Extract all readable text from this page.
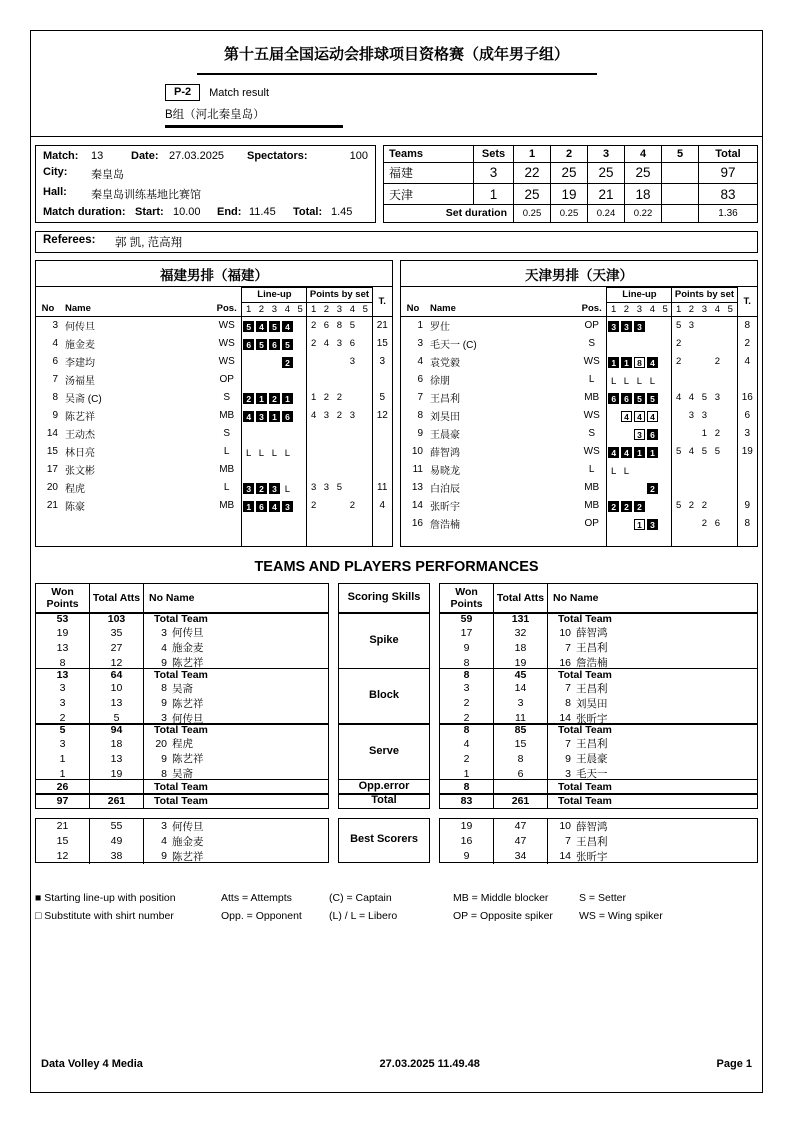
第十五届全国运动会排球项目资格赛（成年男子组）
P-2	Match result
B组（河北秦皇岛）
Match:	13	Date: 27.03.2025	Spectators:	100
City:	秦皇岛
Hall:	秦皇岛训练基地比赛馆
Match duration: Start: 10.00	End: 11.45	Total: 1.45
Teams	Sets	1	2	3	4	5	Total
福建	3	22	25	25	25		97
天津	1	25	19	21	18		83
Set duration		0.25	0.25	0.24	0.22		1.36
Referees:	郭 凯, 范高翔
福建男排（福建）
			Line-up					Points by set					T.
No	Name	Pos.	1	2	3	4	5	1	2	3	4	5	
3	何传旦	WS	5	4	5	4		2	6	8	5		21
4	施金麦	WS	6	5	6	5		2	4	3	6		15
6	李建均	WS				2					3		3
7	汤福星	OP											
8	吴斋 (C)	S	2	1	2	1		1	2	2			5
9	陈艺祥	MB	4	3	1	6		4	3	2	3		12
14	王动杰	S											
15	林日亮	L	L	L	L	L							
17	张文彬	MB											
20	程虎	L	3	2	3	L		3	3	5			11
21	陈豪	MB	1	6	4	3		2			2		4

天津男排（天津）
			Line-up					Points by set					T.
No	Name	Pos.	1	2	3	4	5	1	2	3	4	5	
1	罗仕	OP	3	3	3			5	3				8
3	毛天一 (C)	S						2					2
4	袁党毅	WS	1	1	8	4		2			2		4
6	徐朋	L	L	L	L	L							
7	王昌利	MB	6	6	5	5		4	4	5	3		16
8	刘昊田	WS		4	4	4			3	3			6
9	王晨豪	S			3	6				1	2		3
10	薛智鸿	WS	4	4	1	1		5	4	5	5		19
11	易晓龙	L	L	L									
13	白泊辰	MB				2							
14	张昕宇	MB	2	2	2			5	2	2			9
16	詹浩楠	OP			1	3				2	6		8

TEAMS AND PLAYERS PERFORMANCES
Won Points
Total Atts No Name
53	103	Total Team
19	35	3 何传旦
13	27	4 施金麦
8	12	9 陈艺祥
13	64	Total Team
3	10	8 吴斋
3	13	9 陈艺祥
2	5	3 何传旦
5	94	Total Team
3	18	20 程虎
1	13	9 陈艺祥
1	19	8 吴斋
26	Total Team
97	261	Total Team
21	55	3 何传旦
15	49	4 施金麦
12	38	9 陈艺祥
Scoring Skills
Spike
Block
Serve
Opp.error
Total
Best Scorers
Won Points
Total Atts No Name
59	131	Total Team
17	32	10 薛智鸿
9	18	7 王昌利
8	19	16 詹浩楠
8	45	Total Team
3	14	7 王昌利
2	3	8 刘昊田
2	11	14 张昕宇
8	85	Total Team
4	15	7 王昌利
2	8	9 王晨豪
1	6	3 毛天一
8	Total Team
83	261	Total Team
19	47	10 薛智鸿
16	47	7 王昌利
9	34	14 张昕宇
■ Starting line-up with position	Atts = Attempts	(C) = Captain	MB = Middle blocker	S = Setter
□ Substitute with shirt number	Opp. = Opponent	(L) / L = Libero	OP = Opposite spiker	WS = Wing spiker
Data Volley 4 Media	27.03.2025 11.49.48	Page 1
